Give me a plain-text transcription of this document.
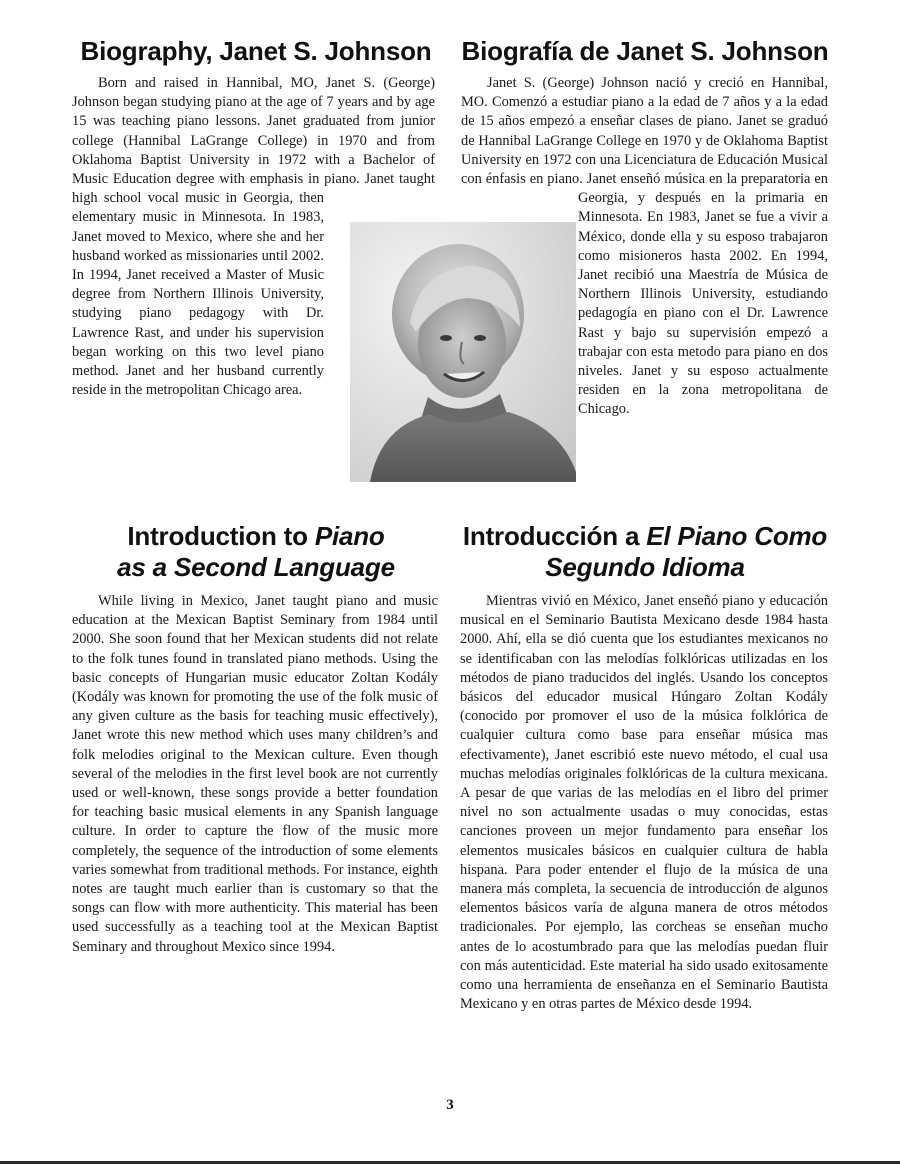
Biography, Janet S. Johnson	Biografía de Janet S. Johnson

Born and raised in Hannibal, MO, Janet S. (George) Johnson began studying piano at the age of 7 years and by age 15 was teaching piano lessons. Janet graduated from junior college (Hannibal LaGrange College) in 1970 and from Oklahoma Baptist University in 1972 with a Bachelor of Music Education degree with emphasis in piano. Janet taught high school vocal music in Georgia, then elementary music in Minnesota. In 1983, Janet moved to Mexico, where she and her husband worked as missionaries until 2002. In 1994, Janet received a Master of Music degree from Northern Illinois University, studying piano pedagogy with Dr. Lawrence Rast, and under his supervision began working on this two level piano method. Janet and her husband currently reside in the metropolitan Chicago area.

Janet S. (George) Johnson nació y creció en Hannibal, MO. Comenzó a estudiar piano a la edad de 7 años y a la edad de 15 años empezó a enseñar clases de piano. Janet se graduó de Hannibal LaGrange College en 1970 y de Oklahoma Baptist University en 1972 con una Licenciatura de Educación Musical con énfasis en piano. Janet enseñó música en la preparatoria en Georgia, y después en la primaria en Minnesota. En 1983, Janet se fue a vivir a México, donde ella y su esposo trabajaron como misioneros hasta 2002. En 1994, Janet recibió una Maestría de Música de Northern Illinois University, estudiando pedagogía en piano con el Dr. Lawrence Rast y bajo su supervisión empezó a trabajar con esta metodo para piano en dos niveles. Janet y su esposo actualmente residen en la zona metropolitana de Chicago.

Introduction to Piano
as a Second Language
Introducción a El Piano Como
Segundo Idioma

While living in Mexico, Janet taught piano and music education at the Mexican Baptist Seminary from 1984 until 2000. She soon found that her Mexican students did not relate to the folk tunes found in translated piano methods. Using the basic concepts of Hungarian music educator Zoltan Kodály (Kodály was known for promoting the use of the folk music of any given culture as the basis for teaching music effectively), Janet wrote this new method which uses many children’s and folk melodies original to the Mexican culture. Even though several of the melodies in the first level book are not currently used or well-known, these songs provide a better foundation for teaching basic musical elements in any Spanish language culture. In order to capture the flow of the music more completely, the sequence of the introduction of some elements varies somewhat from traditional methods. For instance, eighth notes are taught much earlier than is customary so that the songs can flow with more authenticity. This material has been used successfully as a teaching tool at the Mexican Baptist Seminary and throughout Mexico since 1994.

Mientras vivió en México, Janet enseñó piano y educación musical en el Seminario Bautista Mexicano desde 1984 hasta 2000. Ahí, ella se dió cuenta que los estudiantes mexicanos no se identificaban con las melodías folklóricas utilizadas en los métodos de piano traducidos del inglés. Usando los conceptos básicos del educador musical Húngaro Zoltan Kodály (conocido por promover el uso de la música folklórica de cualquier cultura como base para enseñar música mas efectivamente), Janet escribió este nuevo método, el cual usa muchas melodías originales folklóricas de la cultura mexicana. A pesar de que varias de las melodías en el libro del primer nivel no son actualmente usadas o muy conocidas, estas canciones proveen un mejor fundamento para enseñar los elementos musicales básicos en cualquier cultura de habla hispana. Para poder entender el flujo de la música de una manera más completa, la secuencia de introducción de algunos elementos básicos varía de alguna manera de otros métodos tradicionales. Por ejemplo, las corcheas se enseñan mucho antes de lo acostumbrado para que las melodías puedan fluir con más autenticidad. Este material ha sido usado exitosamente como una herramienta de enseñanza en el Seminario Bautista Mexicano y en otras partes de México desde 1994.

3
